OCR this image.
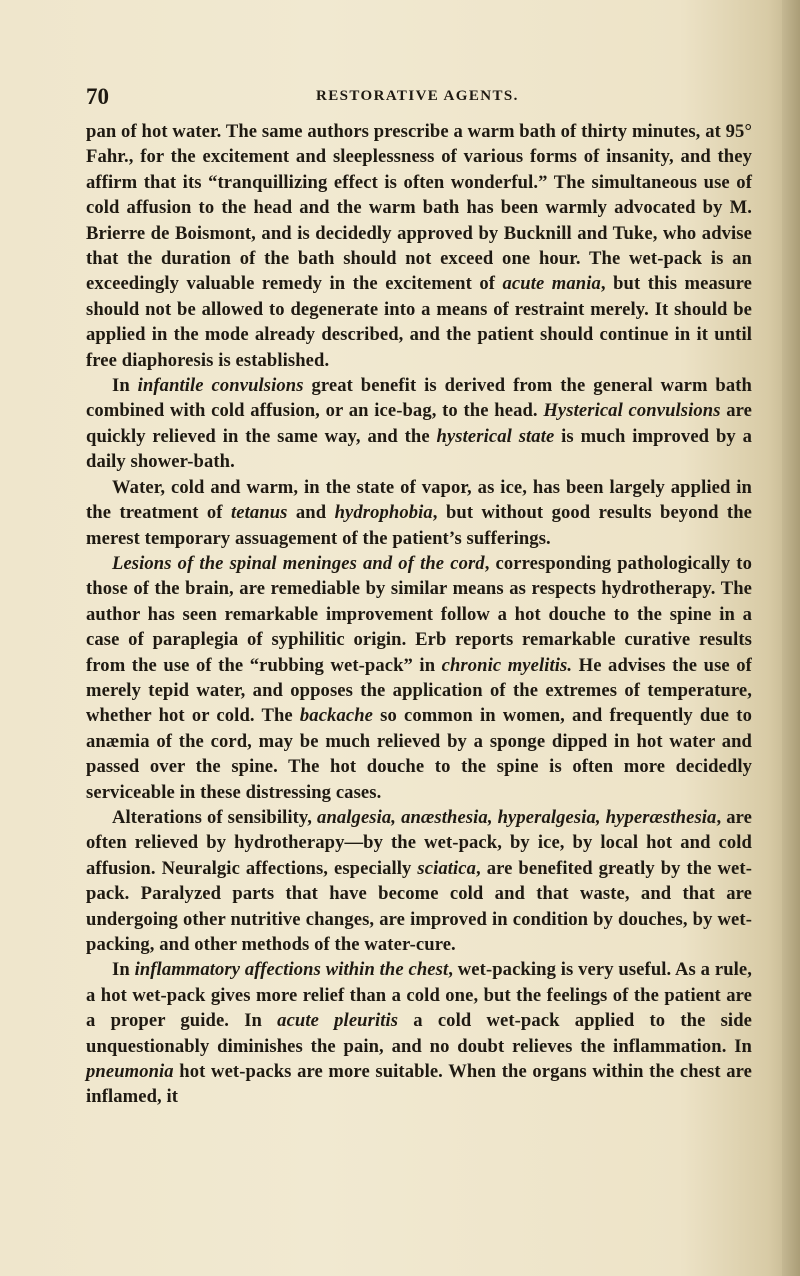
70	RESTORATIVE AGENTS.

pan of hot water. The same authors prescribe a warm bath of thirty minutes, at 95° Fahr., for the excitement and sleeplessness of various forms of insanity, and they affirm that its “tranquillizing effect is often wonderful.” The simultaneous use of cold affusion to the head and the warm bath has been warmly advocated by M. Brierre de Boismont, and is decidedly approved by Bucknill and Tuke, who advise that the duration of the bath should not exceed one hour. The wet-pack is an exceedingly valuable remedy in the excitement of acute mania, but this measure should not be allowed to degenerate into a means of restraint merely. It should be applied in the mode already described, and the patient should continue in it until free diaphoresis is established.

In infantile convulsions great benefit is derived from the general warm bath combined with cold affusion, or an ice-bag, to the head. Hysterical convulsions are quickly relieved in the same way, and the hysterical state is much improved by a daily shower-bath.

Water, cold and warm, in the state of vapor, as ice, has been largely applied in the treatment of tetanus and hydrophobia, but without good results beyond the merest temporary assuagement of the patient’s sufferings.

Lesions of the spinal meninges and of the cord, corresponding pathologically to those of the brain, are remediable by similar means as respects hydrotherapy. The author has seen remarkable improvement follow a hot douche to the spine in a case of paraplegia of syphilitic origin. Erb reports remarkable curative results from the use of the “rubbing wet-pack” in chronic myelitis. He advises the use of merely tepid water, and opposes the application of the extremes of temperature, whether hot or cold. The backache so common in women, and frequently due to anæmia of the cord, may be much relieved by a sponge dipped in hot water and passed over the spine. The hot douche to the spine is often more decidedly serviceable in these distressing cases.

Alterations of sensibility, analgesia, anæsthesia, hyperalgesia, hyperæsthesia, are often relieved by hydrotherapy—by the wet-pack, by ice, by local hot and cold affusion. Neuralgic affections, especially sciatica, are benefited greatly by the wet-pack. Paralyzed parts that have become cold and that waste, and that are undergoing other nutritive changes, are improved in condition by douches, by wet-packing, and other methods of the water-cure.

In inflammatory affections within the chest, wet-packing is very useful. As a rule, a hot wet-pack gives more relief than a cold one, but the feelings of the patient are a proper guide. In acute pleuritis a cold wet-pack applied to the side unquestionably diminishes the pain, and no doubt relieves the inflammation. In pneumonia hot wet-packs are more suitable. When the organs within the chest are inflamed, it
